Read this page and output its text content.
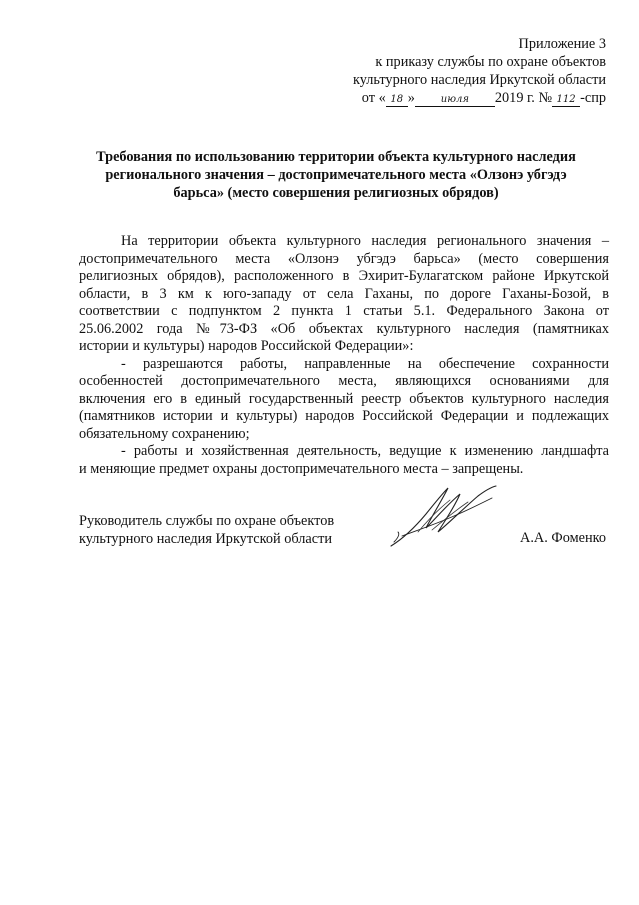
Приложение 3
к приказу службы по охране объектов
культурного наследия Иркутской области
от « 18 »	июля 2019 г. № 112 -спр
Требования по использованию территории объекта культурного наследия
регионального значения – достопримечательного места «Олзонэ убгэдэ
барьса» (место совершения религиозных обрядов)
На территории объекта культурного наследия регионального значения –
достопримечательного места «Олзонэ убгэдэ барьса» (место совершения
религиозных обрядов), расположенного в Эхирит-Булагатском районе Иркутской
области, в 3 км к юго-западу от села Гаханы, по дороге Гаханы-Бозой, в
соответствии с подпунктом 2 пункта 1 статьи 5.1. Федерального Закона от
25.06.2002 года №73-ФЗ «Об объектах культурного наследия (памятниках
истории и культуры) народов Российской Федерации»:
- разрешаются работы, направленные на обеспечение сохранности
особенностей достопримечательного места, являющихся основаниями для
включения его в единый государственный реестр объектов культурного наследия
(памятников истории и культуры) народов Российской Федерации и подлежащих
обязательному сохранению;
- работы и хозяйственная деятельность, ведущие к изменению ландшафта
и меняющие предмет охраны достопримечательного места – запрещены.
Руководитель службы по охране объектов
культурного наследия Иркутской области	А.А. Фоменко
